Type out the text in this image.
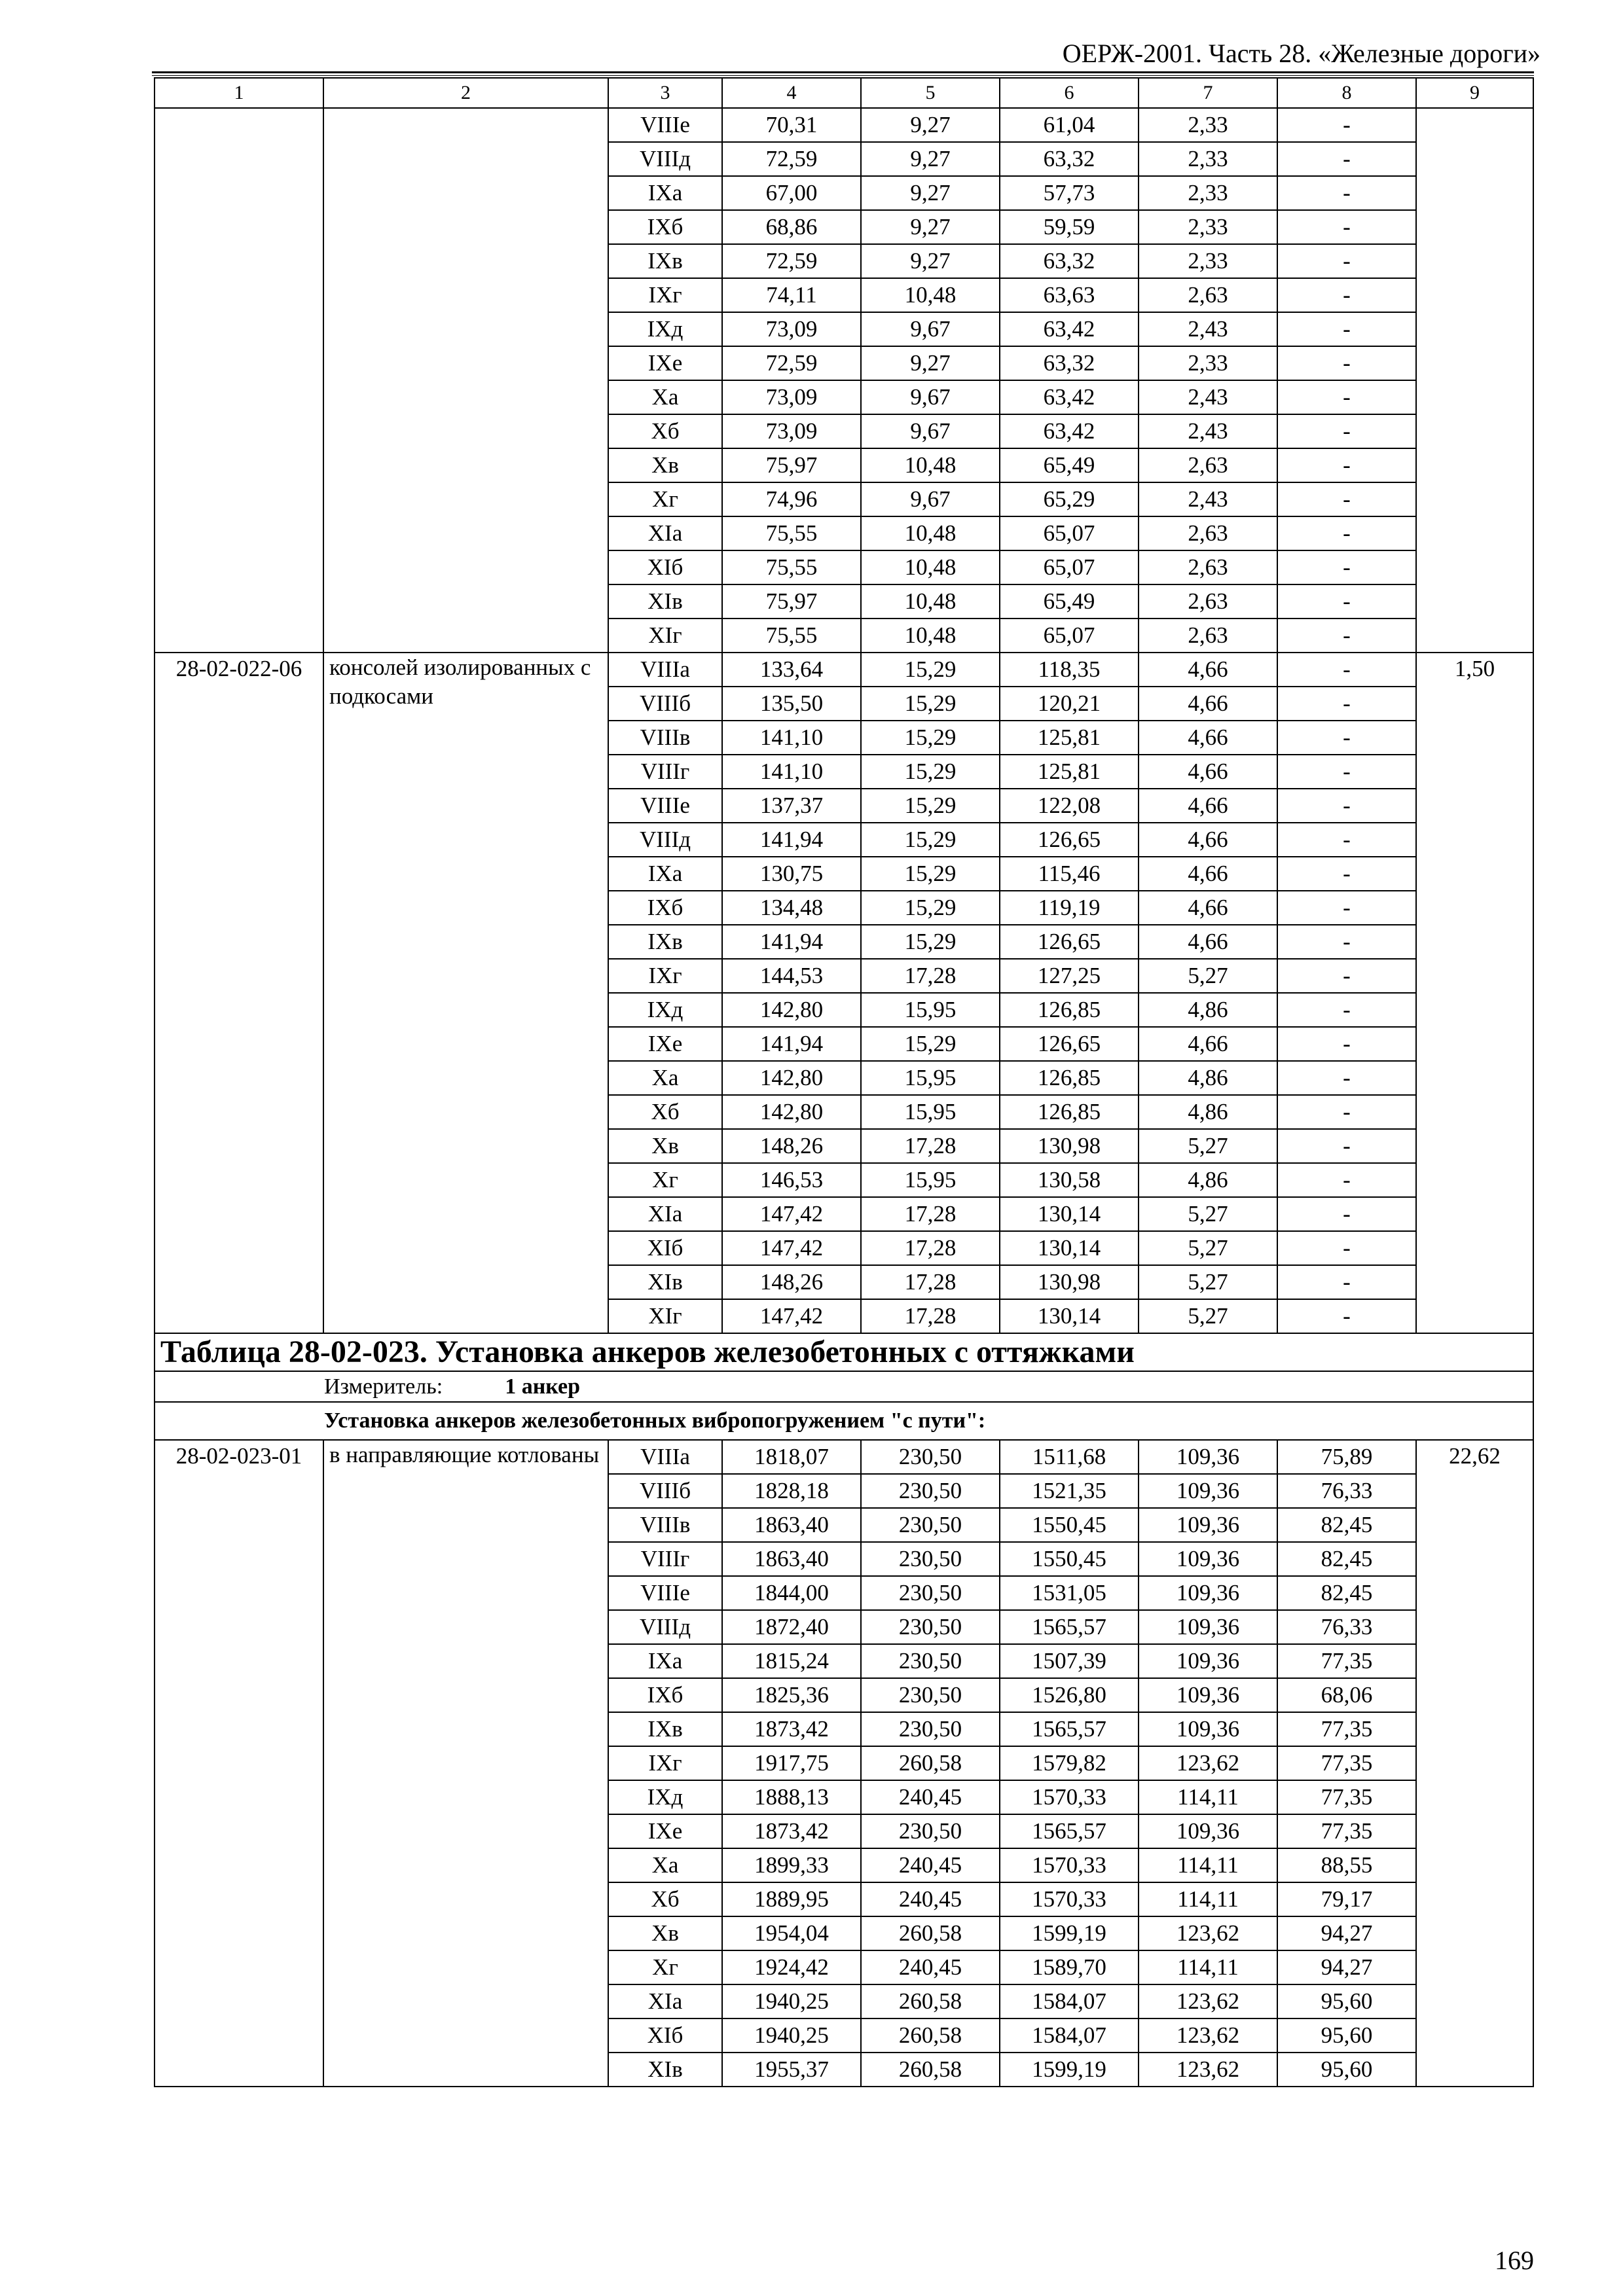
ОЕРЖ-2001. Часть 28. «Железные дороги»
1	2	3	4	5	6	7	8	9
		VIIIе	70,31	9,27	61,04	2,33	-	
		VIIIд	72,59	9,27	63,32	2,33	-	
		IXа	67,00	9,27	57,73	2,33	-	
		IXб	68,86	9,27	59,59	2,33	-	
		IXв	72,59	9,27	63,32	2,33	-	
		IXг	74,11	10,48	63,63	2,63	-	
		IXд	73,09	9,67	63,42	2,43	-	
		IXе	72,59	9,27	63,32	2,33	-	
		Xа	73,09	9,67	63,42	2,43	-	
		Xб	73,09	9,67	63,42	2,43	-	
		Xв	75,97	10,48	65,49	2,63	-	
		Xг	74,96	9,67	65,29	2,43	-	
		XIа	75,55	10,48	65,07	2,63	-	
		XIб	75,55	10,48	65,07	2,63	-	
		XIв	75,97	10,48	65,49	2,63	-	
		XIг	75,55	10,48	65,07	2,63	-	
28-02-022-06	консолей изолированных с подкосами	VIIIа	133,64	15,29	118,35	4,66	-	1,50
		VIIIб	135,50	15,29	120,21	4,66	-	
		VIIIв	141,10	15,29	125,81	4,66	-	
		VIIIг	141,10	15,29	125,81	4,66	-	
		VIIIе	137,37	15,29	122,08	4,66	-	
		VIIIд	141,94	15,29	126,65	4,66	-	
		IXа	130,75	15,29	115,46	4,66	-	
		IXб	134,48	15,29	119,19	4,66	-	
		IXв	141,94	15,29	126,65	4,66	-	
		IXг	144,53	17,28	127,25	5,27	-	
		IXд	142,80	15,95	126,85	4,86	-	
		IXе	141,94	15,29	126,65	4,66	-	
		Xа	142,80	15,95	126,85	4,86	-	
		Xб	142,80	15,95	126,85	4,86	-	
		Xв	148,26	17,28	130,98	5,27	-	
		Xг	146,53	15,95	130,58	4,86	-	
		XIа	147,42	17,28	130,14	5,27	-	
		XIб	147,42	17,28	130,14	5,27	-	
		XIв	148,26	17,28	130,98	5,27	-	
		XIг	147,42	17,28	130,14	5,27	-	
Таблица 28-02-023. Установка анкеров железобетонных с оттяжками								
Измеритель: 1 анкер								
Установка анкеров железобетонных вибропогружением "с пути":								
28-02-023-01	в направляющие котлованы	VIIIа	1818,07	230,50	1511,68	109,36	75,89	22,62
		VIIIб	1828,18	230,50	1521,35	109,36	76,33	
		VIIIв	1863,40	230,50	1550,45	109,36	82,45	
		VIIIг	1863,40	230,50	1550,45	109,36	82,45	
		VIIIе	1844,00	230,50	1531,05	109,36	82,45	
		VIIIд	1872,40	230,50	1565,57	109,36	76,33	
		IXа	1815,24	230,50	1507,39	109,36	77,35	
		IXб	1825,36	230,50	1526,80	109,36	68,06	
		IXв	1873,42	230,50	1565,57	109,36	77,35	
		IXг	1917,75	260,58	1579,82	123,62	77,35	
		IXд	1888,13	240,45	1570,33	114,11	77,35	
		IXе	1873,42	230,50	1565,57	109,36	77,35	
		Xа	1899,33	240,45	1570,33	114,11	88,55	
		Xб	1889,95	240,45	1570,33	114,11	79,17	
		Xв	1954,04	260,58	1599,19	123,62	94,27	
		Xг	1924,42	240,45	1589,70	114,11	94,27	
		XIа	1940,25	260,58	1584,07	123,62	95,60	
		XIб	1940,25	260,58	1584,07	123,62	95,60	
		XIв	1955,37	260,58	1599,19	123,62	95,60	
169
